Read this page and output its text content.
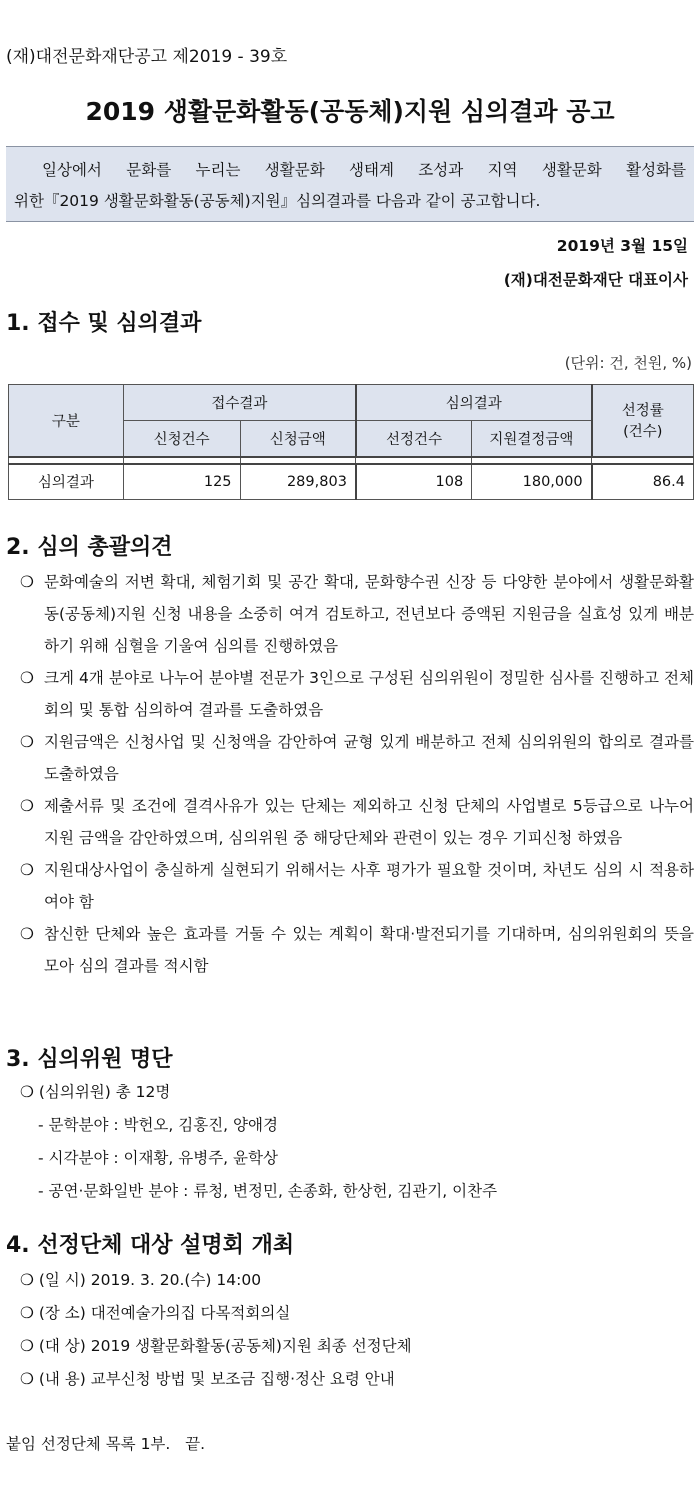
(재)대전문화재단공고 제2019 - 39호
2019 생활문화활동(공동체)지원 심의결과 공고

일상에서 문화를 누리는 생활문화 생태계 조성과 지역 생활문화 활성화를

위한『2019 생활문화활동(공동체)지원』심의결과를 다음과 같이 공고합니다.

2019년 3월 15일
(재)대전문화재단 대표이사
1. 접수 및 심의결과
(단위: 건, 천원, %)
구분	접수결과		심의결과		선정률
(건수)
	신청건수	신청금액	선정건수	지원결정금액	

심의결과	125	289,803	108	180,000	86.4
2. 심의 총괄의견
❍ 문화예술의 저변 확대, 체험기회 및 공간 확대, 문화향수권 신장 등 다양한 분야에서 생활문화활동(공동체)지원 신청 내용을 소중히 여겨 검토하고, 전년보다 증액된 지원금을 실효성 있게 배분하기 위해 심혈을 기울여 심의를 진행하였음
❍ 크게 4개 분야로 나누어 분야별 전문가 3인으로 구성된 심의위원이 정밀한 심사를 진행하고 전체 회의 및 통합 심의하여 결과를 도출하였음
❍ 지원금액은 신청사업 및 신청액을 감안하여 균형 있게 배분하고 전체 심의위원의 합의로 결과를 도출하였음
❍ 제출서류 및 조건에 결격사유가 있는 단체는 제외하고 신청 단체의 사업별로 5등급으로 나누어 지원 금액을 감안하였으며, 심의위원 중 해당단체와 관련이 있는 경우 기피신청 하였음
❍ 지원대상사업이 충실하게 실현되기 위해서는 사후 평가가 필요할 것이며, 차년도 심의 시 적용하여야 함
❍ 참신한 단체와 높은 효과를 거둘 수 있는 계획이 확대·발전되기를 기대하며, 심의위원회의 뜻을 모아 심의 결과를 적시함
3. 심의위원 명단
❍ (심의위원) 총 12명
- 문학분야 : 박헌오, 김홍진, 양애경
- 시각분야 : 이재황, 유병주, 윤학상
- 공연·문화일반 분야 : 류청, 변정민, 손종화, 한상헌, 김관기, 이찬주
4. 선정단체 대상 설명회 개최
❍ (일 시) 2019. 3. 20.(수) 14:00
❍ (장 소) 대전예술가의집 다목적회의실
❍ (대 상) 2019 생활문화활동(공동체)지원 최종 선정단체
❍ (내 용) 교부신청 방법 및 보조금 집행·정산 요령 안내
붙임 선정단체 목록 1부.   끝.
